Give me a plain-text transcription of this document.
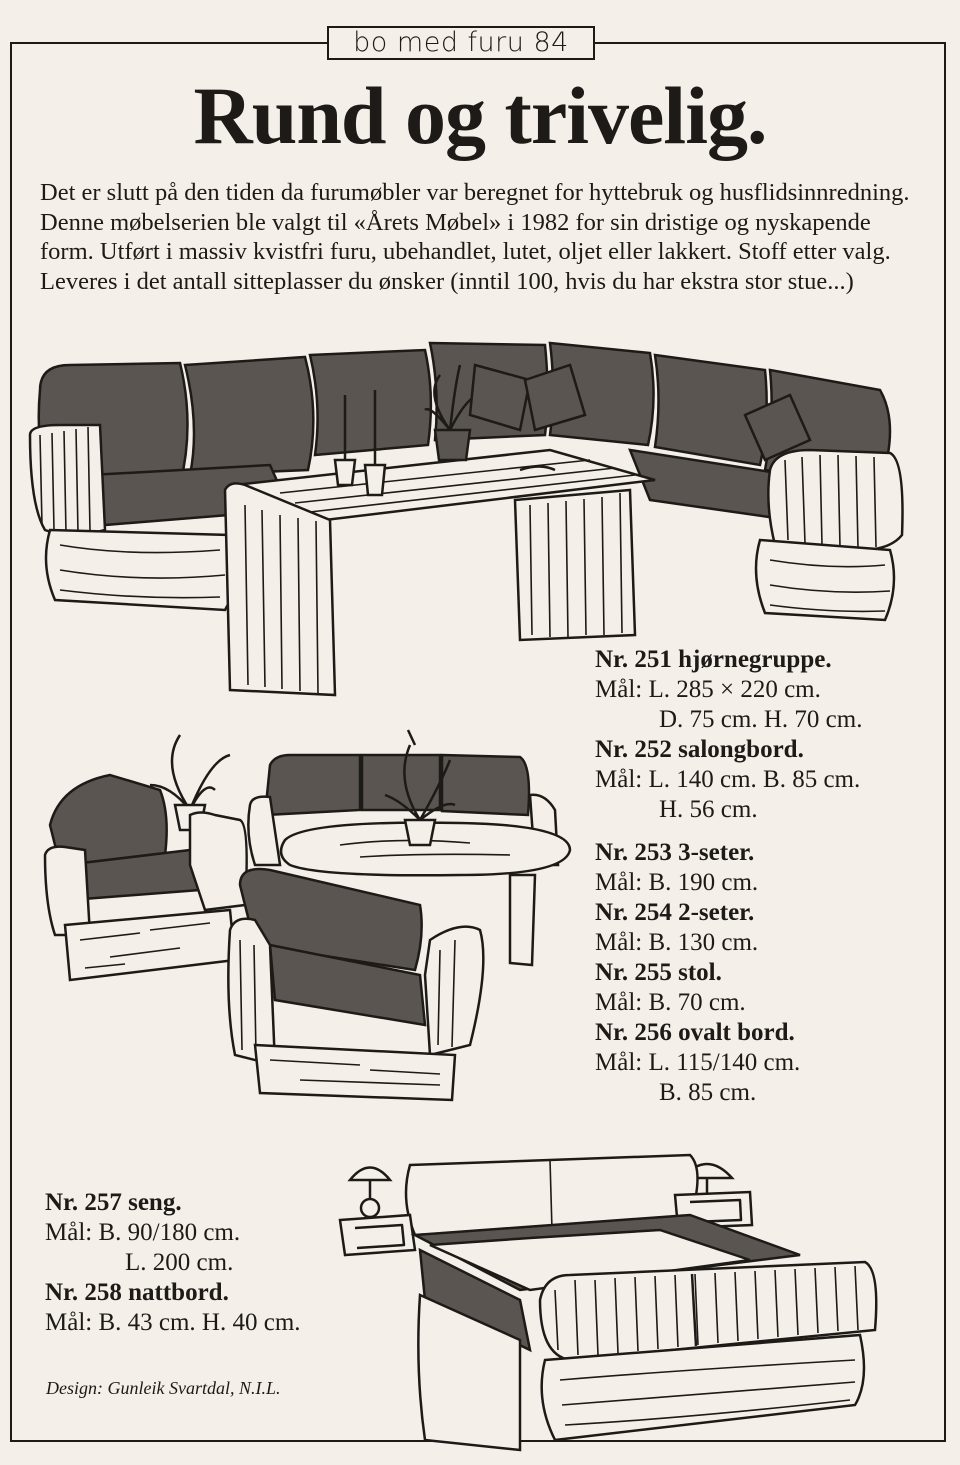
bo med furu 84
Rund og trivelig.

Det er slutt på den tiden da furumøbler var beregnet for hyttebruk og husflidsinnredning. Denne møbelserien ble valgt til «Årets Møbel» i 1982 for sin dristige og nyskapende form. Utført i massiv kvistfri furu, ubehandlet, lutet, oljet eller lakkert. Stoff etter valg. Leveres i det antall sitteplasser du ønsker (inntil 100, hvis du har ekstra stor stue...)

Nr. 251 hjørnegruppe.

Mål: L. 285 × 220 cm.

D. 75 cm. H. 70 cm.

Nr. 252 salongbord.

Mål: L. 140 cm. B. 85 cm.

H. 56 cm.

Nr. 253 3-seter.

Mål: B. 190 cm.

Nr. 254 2-seter.

Mål: B. 130 cm.

Nr. 255 stol.

Mål: B. 70 cm.

Nr. 256 ovalt bord.

Mål: L. 115/140 cm.

B. 85 cm.

Nr. 257 seng.

Mål: B. 90/180 cm.

L. 200 cm.

Nr. 258 nattbord.

Mål: B. 43 cm. H. 40 cm.

Design: Gunleik Svartdal, N.I.L.
